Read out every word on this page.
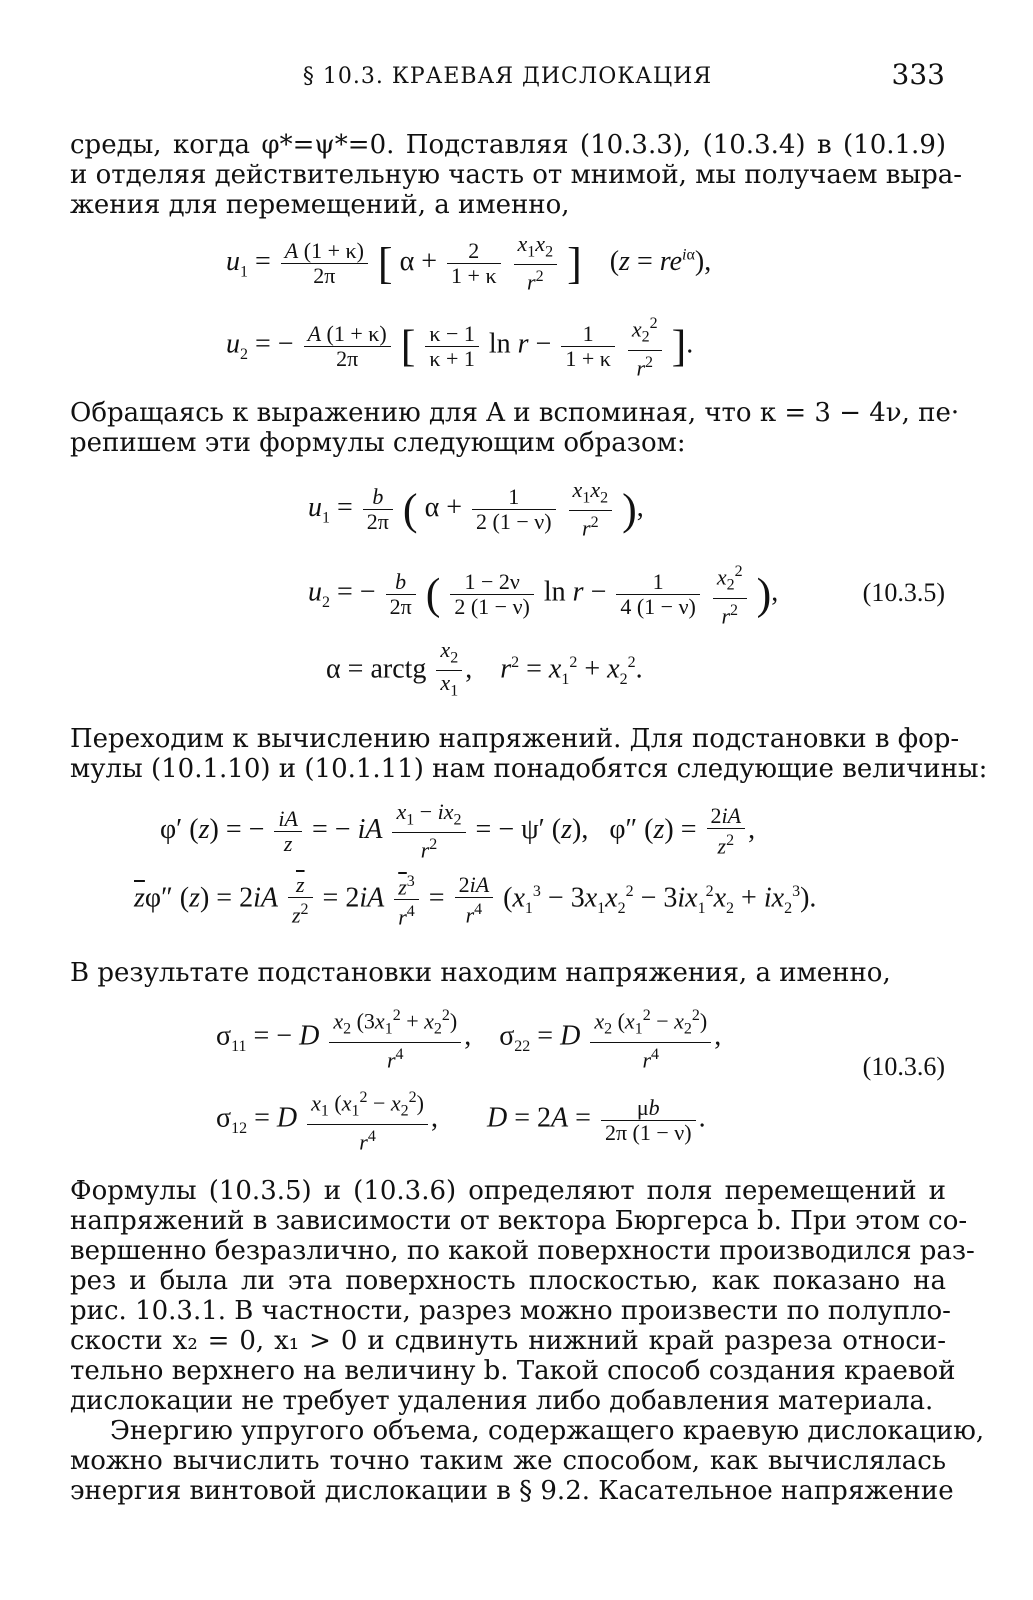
§ 10.3. КРАЕВАЯ ДИСЛОКАЦИЯ	333
среды, когда φ*=ψ*=0. Подставляя (10.3.3), (10.3.4) в (10.1.9)
и отделяя действительную часть от мнимой, мы получаем выра-
жения для перемещений, а именно,
$u_1 = \frac{A (1 + \kappa)}{2\pi}$ [ $\alpha + \frac{2}{1 + \kappa}$
$\frac{x_1x_2}{r^2}$ ]    $(z = re^{i\alpha})$,
$u_2$ = − $\frac{A (1 + \kappa)}{2\pi}$ [ $\frac{\kappa - 1}{\kappa + 1}$ $\ln r - \frac{1}{1 + \kappa}$
$\frac{x_2^2}{r^2}$ ].
Обращаясь к выражению для A и вспоминая, что κ = 3 − 4ν, пе·
репишем эти формулы следующим образом:
$u_1 = \frac{b}{2\pi}$ ( $\alpha + \frac{1}{2 (1 - \nu)}$
$\frac{x_1x_2}{r^2}$ ),
$u_2$ = − $\frac{b}{2\pi}$ ( $\frac{1 - 2\nu}{2 (1 - \nu)}$ $\ln r - \frac{1}{4 (1 - \nu)}$
$\frac{x_2^2}{r^2}$ ),	(10.3.5)
α = arctg $\frac{x_2}{x_1}$ ,    $r^2 = x_1^2 + x_2^2$.
Переходим к вычислению напряжений. Для подстановки в фор-
мулы (10.1.10) и (10.1.11) нам понадобятся следующие величины:
φ′ (z) = − $\frac{iA}{z}$ = − iA $\frac{x_1 - ix_2}{r^2}$ = − ψ′ (z),   φ″ $(z) = \frac{2iA}{z^2}$ ,
$\overline{z}\varphi''$ $(z) = 2iA \frac{\overline{z}}{z^2} = 2iA \frac{\overline{z}^3}{r^4} = \frac{2iA}{r^4} (x_1^3 - 3x_1x_2^2 - 3ix_1^2x_2 + ix_2^3)$.
В результате подстановки находим напряжения, а именно,
$\sigma_{11}$ = − D $\frac{x_2 (3x_1^2 + x_2^2)}{r^4}$ ,    $\sigma_{22} = D \frac{x_2 (x_1^2 - x_2^2)}{r^4}$ ,
(10.3.6)
$\sigma_{12} = D \frac{x_1 (x_1^2 - x_2^2)}{r^4}$ ,       $D = 2A = \frac{\mu b}{2\pi (1 - \nu)}$ .
Формулы (10.3.5) и (10.3.6) определяют поля перемещений и
напряжений в зависимости от вектора Бюргерса b. При этом со-
вершенно безразлично, по какой поверхности производился раз-
рез и была ли эта поверхность плоскостью, как показано на
рис. 10.3.1. В частности, разрез можно произвести по полупло-
скости x₂ = 0, x₁ > 0 и сдвинуть нижний край разреза относи-
тельно верхнего на величину b. Такой способ создания краевой
дислокации не требует удаления либо добавления материала.
Энергию упругого объема, содержащего краевую дислокацию,
можно вычислить точно таким же способом, как вычислялась
энергия винтовой дислокации в § 9.2. Касательное напряжение
